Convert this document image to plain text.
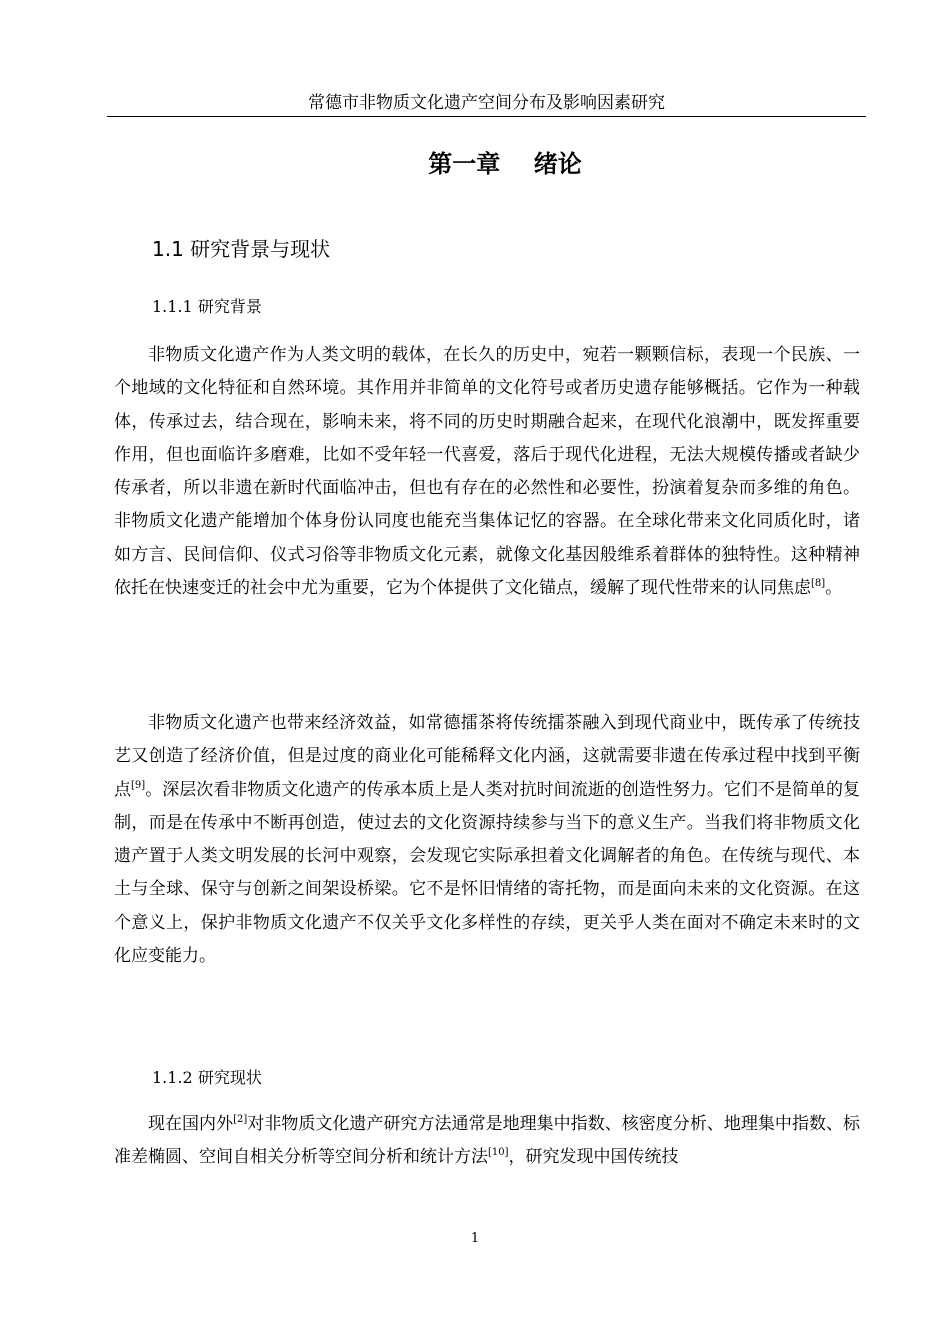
常德市非物质文化遗产空间分布及影响因素研究
第一章    绪论
1.1 研究背景与现状
1.1.1 研究背景

非物质文化遗产作为人类文明的载体，在长久的历史中，宛若一颗颗信标，表现一个民族、一个地域的文化特征和自然环境。其作用并非简单的文化符号或者历史遗存能够概括。它作为一种载体，传承过去，结合现在，影响未来，将不同的历史时期融合起来，在现代化浪潮中，既发挥重要作用，但也面临许多磨难，比如不受年轻一代喜爱，落后于现代化进程，无法大规模传播或者缺少传承者，所以非遗在新时代面临冲击，但也有存在的必然性和必要性，扮演着复杂而多维的角色。非物质文化遗产能增加个体身份认同度也能充当集体记忆的容器。在全球化带来文化同质化时，诸如方言、民间信仰、仪式习俗等非物质文化元素，就像文化基因般维系着群体的独特性。这种精神依托在快速变迁的社会中尤为重要，它为个体提供了文化锚点，缓解了现代性带来的认同焦虑[8]。

非物质文化遗产也带来经济效益，如常德擂茶将传统擂茶融入到现代商业中，既传承了传统技艺又创造了经济价值，但是过度的商业化可能稀释文化内涵，这就需要非遗在传承过程中找到平衡点[9]。深层次看非物质文化遗产的传承本质上是人类对抗时间流逝的创造性努力。它们不是简单的复制，而是在传承中不断再创造，使过去的文化资源持续参与当下的意义生产。当我们将非物质文化遗产置于人类文明发展的长河中观察，会发现它实际承担着文化调解者的角色。在传统与现代、本土与全球、保守与创新之间架设桥梁。它不是怀旧情绪的寄托物，而是面向未来的文化资源。在这个意义上，保护非物质文化遗产不仅关乎文化多样性的存续，更关乎人类在面对不确定未来时的文化应变能力。

1.1.2 研究现状

现在国内外[2]对非物质文化遗产研究方法通常是地理集中指数、核密度分析、地理集中指数、标准差椭圆、空间自相关分析等空间分析和统计方法[10]，研究发现中国传统技

1
